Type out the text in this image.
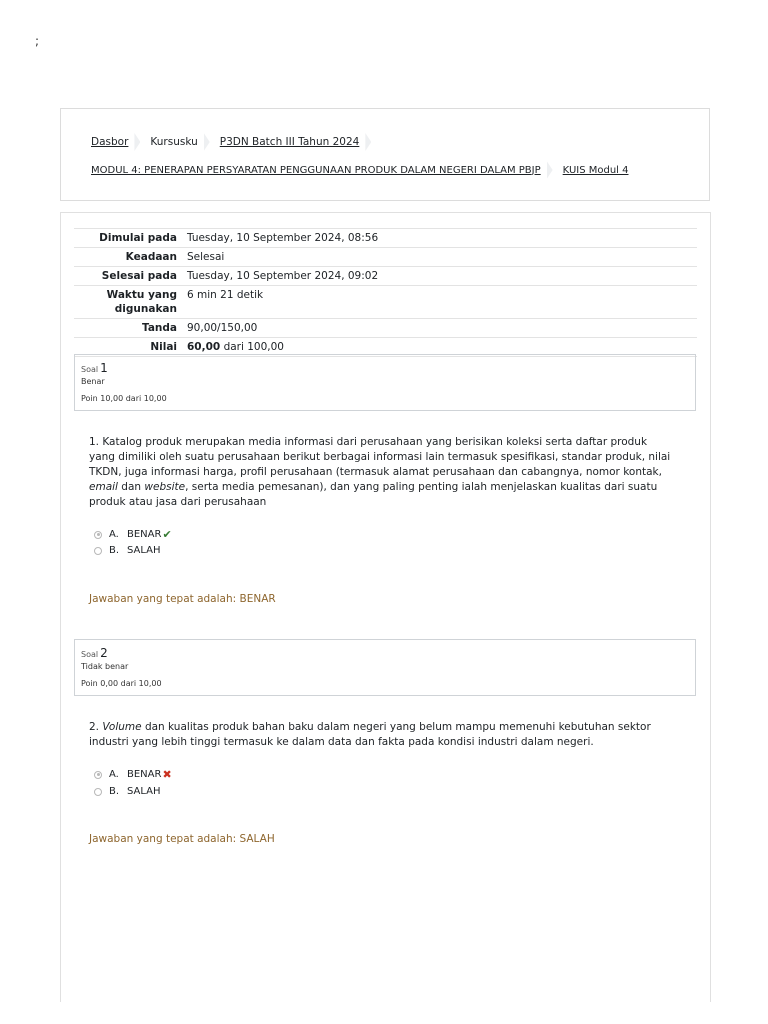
;
Dasbor Kursusku P3DN Batch III Tahun 2024
MODUL 4: PENERAPAN PERSYARATAN PENGGUNAAN PRODUK DALAM NEGERI DALAM PBJP KUIS Modul 4
Dimulai pada	Tuesday, 10 September 2024, 08:56
Keadaan	Selesai
Selesai pada	Tuesday, 10 September 2024, 09:02
Waktu yang digunakan	6 min 21 detik
Tanda	90,00/150,00
Nilai	60,00 dari 100,00
Soal 1
Benar
Poin 10,00 dari 10,00
1. Katalog produk merupakan media informasi dari perusahaan yang berisikan koleksi serta daftar produk yang dimiliki oleh suatu perusahaan berikut berbagai informasi lain termasuk spesifikasi, standar produk, nilai TKDN, juga informasi harga, profil perusahaan (termasuk alamat perusahaan dan cabangnya, nomor kontak, email dan website, serta media pemesanan), dan yang paling penting ialah menjelaskan kualitas dari suatu produk atau jasa dari perusahaan
A. BENAR ✔
B. SALAH
Jawaban yang tepat adalah: BENAR
Soal 2
Tidak benar
Poin 0,00 dari 10,00
2. Volume dan kualitas produk bahan baku dalam negeri yang belum mampu memenuhi kebutuhan sektor industri yang lebih tinggi termasuk ke dalam data dan fakta pada kondisi industri dalam negeri.
A. BENAR ✖
B. SALAH
Jawaban yang tepat adalah: SALAH
